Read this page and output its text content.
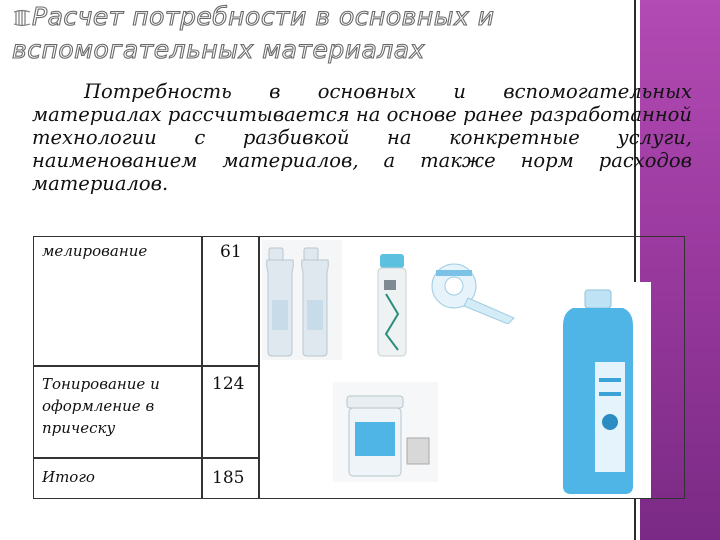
Расчет потребности в основных и
вспомогательных материалах
Потребность в основных и вспомогательных материалах рассчитывается на основе ранее разработанной технологии с разбивкой на конкретные услуги, наименованием материалов, а также норм расходов материалов.
мелирование	61
Тонирование и оформление в прическу
124
Итого	185
